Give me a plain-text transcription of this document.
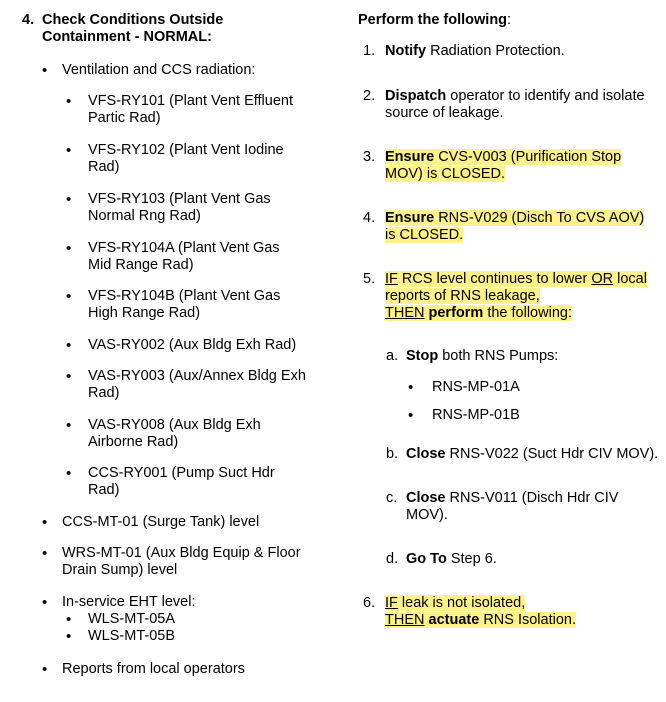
4. Check Conditions Outside
Containment - NORMAL:
• Ventilation and CCS radiation:
• VFS-RY101 (Plant Vent Effluent
Partic Rad)
• VFS-RY102 (Plant Vent Iodine
Rad)
• VFS-RY103 (Plant Vent Gas
Normal Rng Rad)
• VFS-RY104A (Plant Vent Gas
Mid Range Rad)
• VFS-RY104B (Plant Vent Gas
High Range Rad)
• VAS-RY002 (Aux Bldg Exh Rad)
• VAS-RY003 (Aux/Annex Bldg Exh
Rad)
• VAS-RY008 (Aux Bldg Exh
Airborne Rad)
• CCS-RY001 (Pump Suct Hdr
Rad)
• CCS-MT-01 (Surge Tank) level
• WRS-MT-01 (Aux Bldg Equip & Floor
Drain Sump) level
• In-service EHT level:
• WLS-MT-05A
• WLS-MT-05B
• Reports from local operators
Perform the following:
1. Notify Radiation Protection.
2. Dispatch operator to identify and isolate
source of leakage.
3. Ensure CVS-V003 (Purification Stop
MOV) is CLOSED.
4. Ensure RNS-V029 (Disch To CVS AOV)
is CLOSED.
5. IF RCS level continues to lower OR local
reports of RNS leakage,
THEN perform the following:
a. Stop both RNS Pumps:
• RNS-MP-01A
• RNS-MP-01B
b. Close RNS-V022 (Suct Hdr CIV MOV).
c. Close RNS-V011 (Disch Hdr CIV
MOV).
d. Go To Step 6.
6. IF leak is not isolated,
THEN actuate RNS Isolation.
